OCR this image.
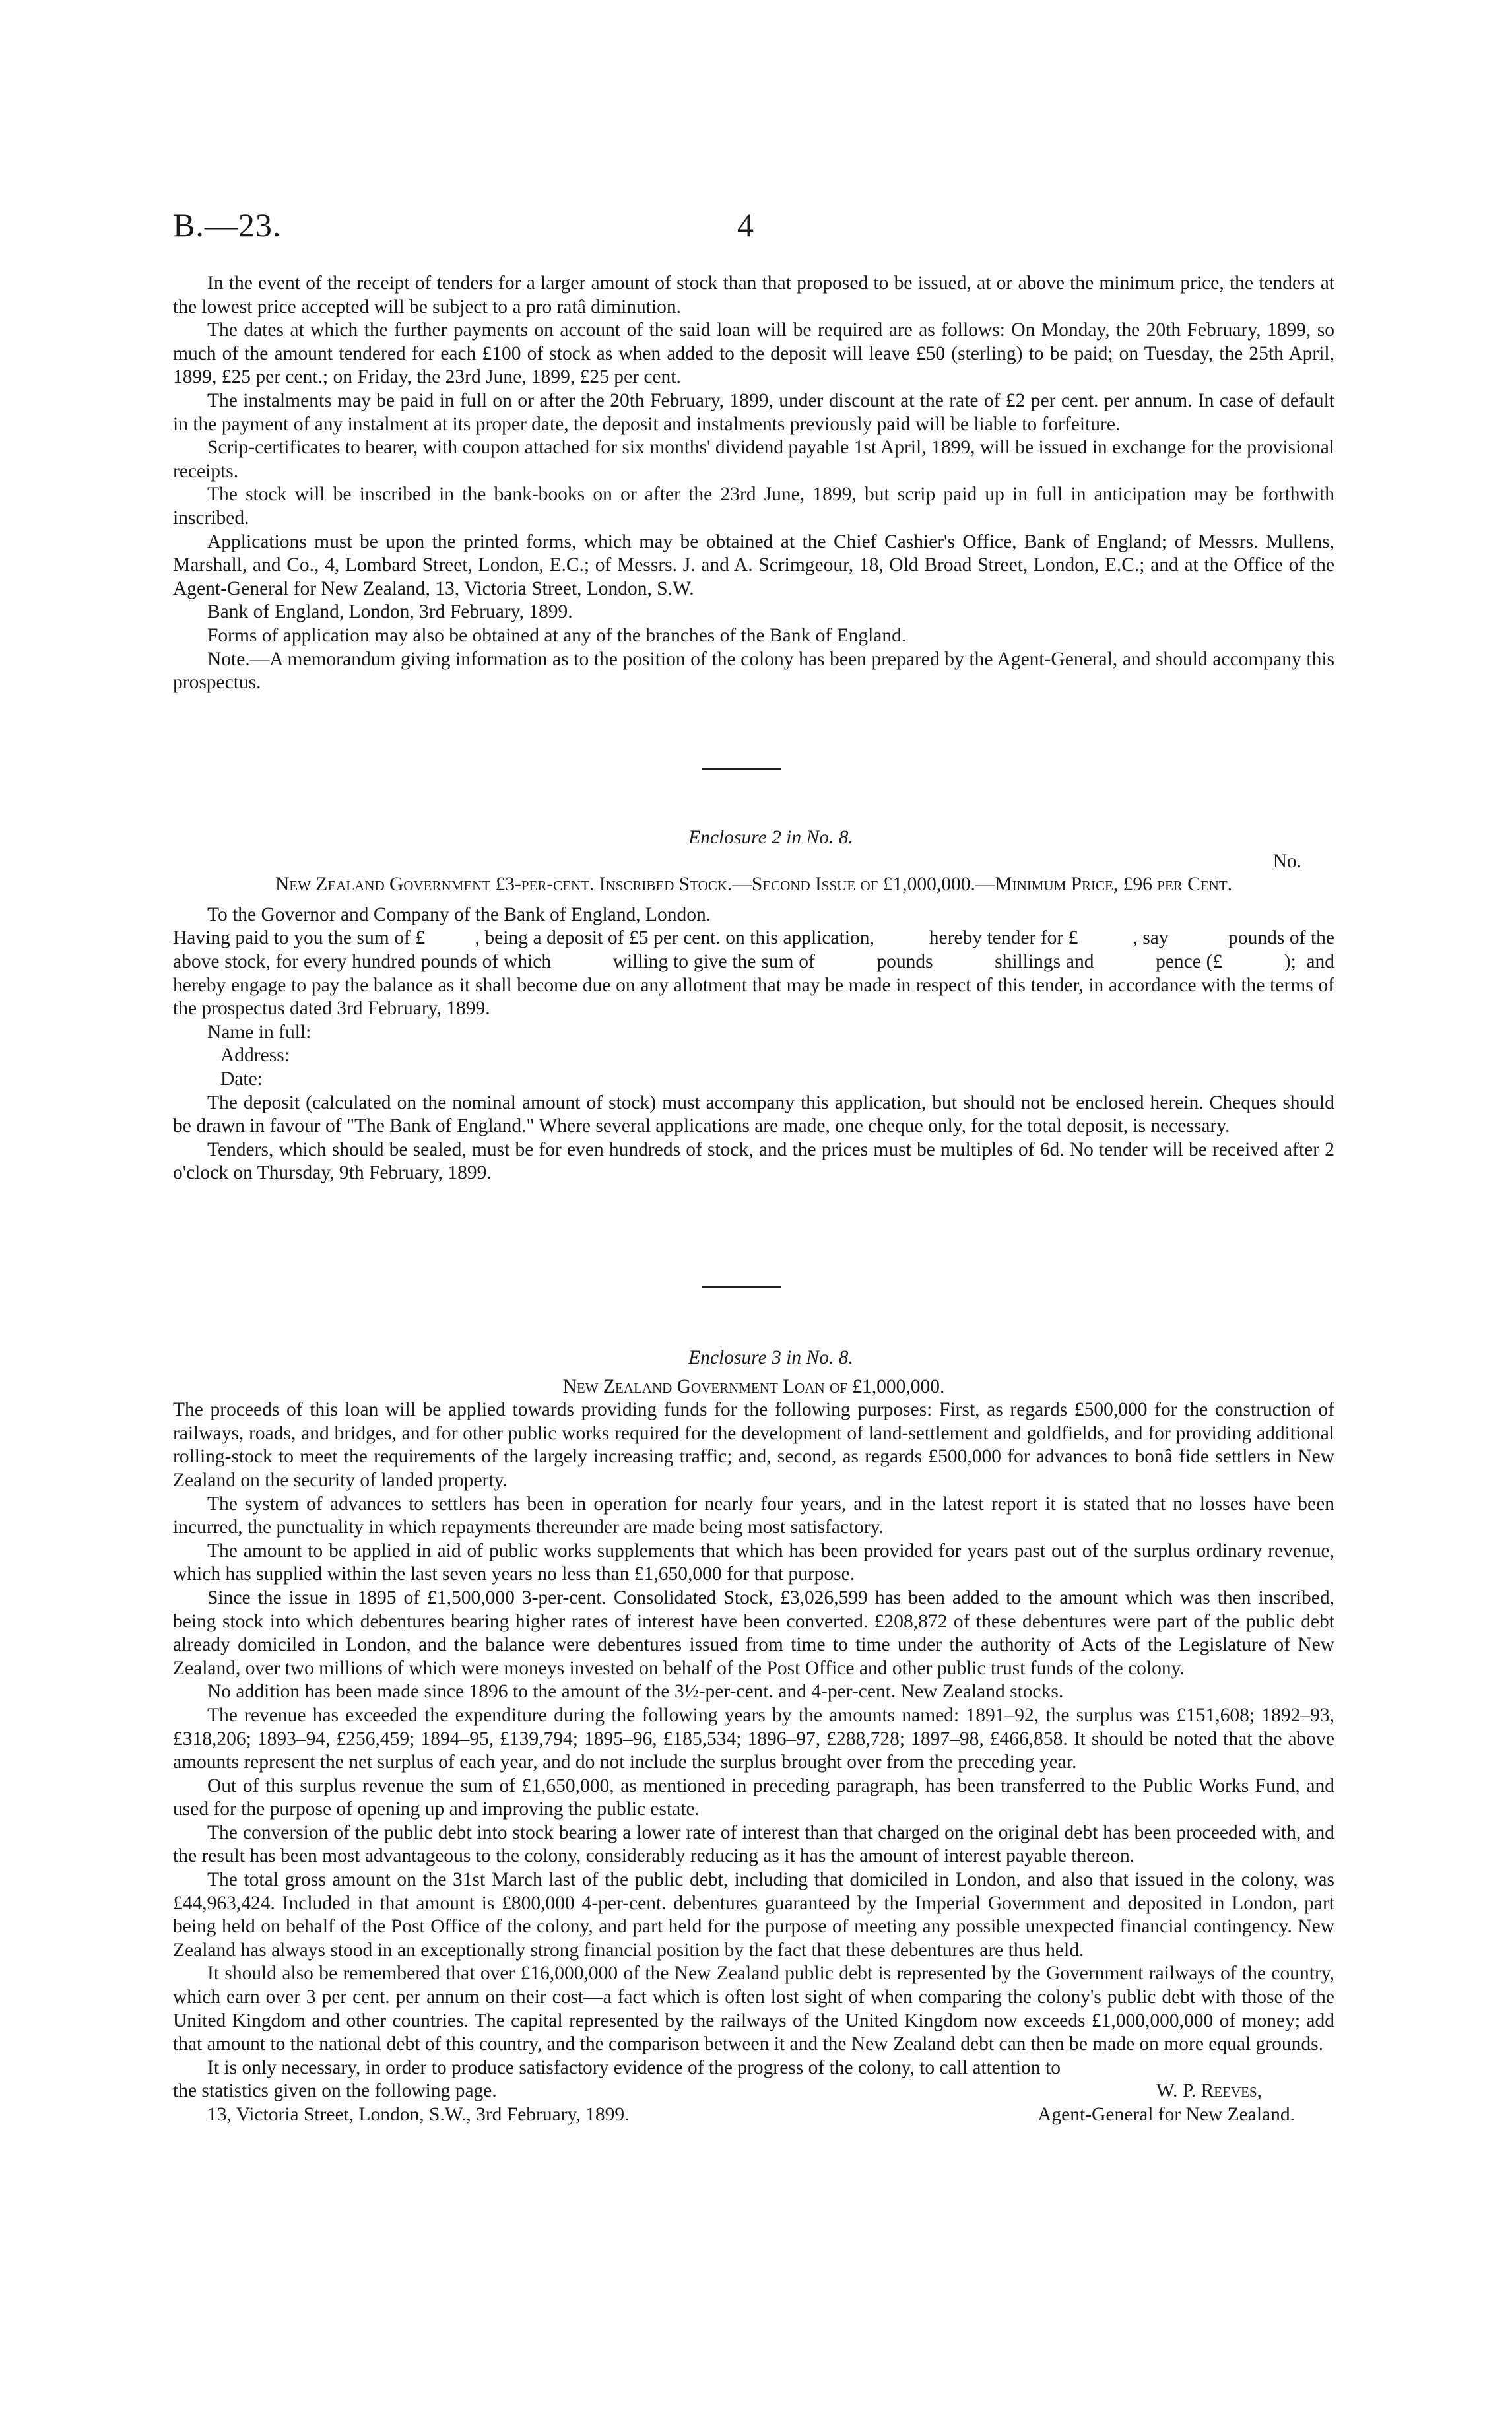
B.—23.	4

In the event of the receipt of tenders for a larger amount of stock than that proposed to be issued, at or above the minimum price, the tenders at the lowest price accepted will be subject to a pro ratâ diminution.

The dates at which the further payments on account of the said loan will be required are as follows: On Monday, the 20th February, 1899, so much of the amount tendered for each £100 of stock as when added to the deposit will leave £50 (sterling) to be paid; on Tuesday, the 25th April, 1899, £25 per cent.; on Friday, the 23rd June, 1899, £25 per cent.

The instalments may be paid in full on or after the 20th February, 1899, under discount at the rate of £2 per cent. per annum. In case of default in the payment of any instalment at its proper date, the deposit and instalments previously paid will be liable to forfeiture.

Scrip-certificates to bearer, with coupon attached for six months' dividend payable 1st April, 1899, will be issued in exchange for the provisional receipts.

The stock will be inscribed in the bank-books on or after the 23rd June, 1899, but scrip paid up in full in anticipation may be forthwith inscribed.

Applications must be upon the printed forms, which may be obtained at the Chief Cashier's Office, Bank of England; of Messrs. Mullens, Marshall, and Co., 4, Lombard Street, London, E.C.; of Messrs. J. and A. Scrimgeour, 18, Old Broad Street, London, E.C.; and at the Office of the Agent-General for New Zealand, 13, Victoria Street, London, S.W.

Bank of England, London, 3rd February, 1899.

Forms of application may also be obtained at any of the branches of the Bank of England.

Note.—A memorandum giving information as to the position of the colony has been prepared by the Agent-General, and should accompany this prospectus.

Enclosure 2 in No. 8.

No.

New Zealand Government £3-per-cent. Inscribed Stock.—Second Issue of £1,000,000.—Minimum Price, £96 per Cent.

To the Governor and Company of the Bank of England, London.

Having paid to you the sum of £          , being a deposit of £5 per cent. on this application,           hereby tender for £           , say            pounds of the above stock, for every hundred pounds of which            willing to give the sum of            pounds            shillings and            pence (£            );  and            hereby engage to pay the balance as it shall become due on any allotment that may be made in respect of this tender, in accordance with the terms of the prospectus dated 3rd February, 1899.

Name in full:

Address:

Date:

The deposit (calculated on the nominal amount of stock) must accompany this application, but should not be enclosed herein. Cheques should be drawn in favour of "The Bank of England." Where several applications are made, one cheque only, for the total deposit, is necessary.

Tenders, which should be sealed, must be for even hundreds of stock, and the prices must be multiples of 6d. No tender will be received after 2 o'clock on Thursday, 9th February, 1899.

Enclosure 3 in No. 8.

New Zealand Government Loan of £1,000,000.

The proceeds of this loan will be applied towards providing funds for the following purposes: First, as regards £500,000 for the construction of railways, roads, and bridges, and for other public works required for the development of land-settlement and goldfields, and for providing additional rolling-stock to meet the requirements of the largely increasing traffic; and, second, as regards £500,000 for advances to bonâ fide settlers in New Zealand on the security of landed property.

The system of advances to settlers has been in operation for nearly four years, and in the latest report it is stated that no losses have been incurred, the punctuality in which repayments thereunder are made being most satisfactory.

The amount to be applied in aid of public works supplements that which has been provided for years past out of the surplus ordinary revenue, which has supplied within the last seven years no less than £1,650,000 for that purpose.

Since the issue in 1895 of £1,500,000 3-per-cent. Consolidated Stock, £3,026,599 has been added to the amount which was then inscribed, being stock into which debentures bearing higher rates of interest have been converted. £208,872 of these debentures were part of the public debt already domiciled in London, and the balance were debentures issued from time to time under the authority of Acts of the Legislature of New Zealand, over two millions of which were moneys invested on behalf of the Post Office and other public trust funds of the colony.

No addition has been made since 1896 to the amount of the 3½-per-cent. and 4-per-cent. New Zealand stocks.

The revenue has exceeded the expenditure during the following years by the amounts named: 1891–92, the surplus was £151,608; 1892–93, £318,206; 1893–94, £256,459; 1894–95, £139,794; 1895–96, £185,534; 1896–97, £288,728; 1897–98, £466,858. It should be noted that the above amounts represent the net surplus of each year, and do not include the surplus brought over from the preceding year.

Out of this surplus revenue the sum of £1,650,000, as mentioned in preceding paragraph, has been transferred to the Public Works Fund, and used for the purpose of opening up and improving the public estate.

The conversion of the public debt into stock bearing a lower rate of interest than that charged on the original debt has been proceeded with, and the result has been most advantageous to the colony, considerably reducing as it has the amount of interest payable thereon.

The total gross amount on the 31st March last of the public debt, including that domiciled in London, and also that issued in the colony, was £44,963,424. Included in that amount is £800,000 4-per-cent. debentures guaranteed by the Imperial Government and deposited in London, part being held on behalf of the Post Office of the colony, and part held for the purpose of meeting any possible unexpected financial contingency. New Zealand has always stood in an exceptionally strong financial position by the fact that these debentures are thus held.

It should also be remembered that over £16,000,000 of the New Zealand public debt is represented by the Government railways of the country, which earn over 3 per cent. per annum on their cost—a fact which is often lost sight of when comparing the colony's public debt with those of the United Kingdom and other countries. The capital represented by the railways of the United Kingdom now exceeds £1,000,000,000 of money; add that amount to the national debt of this country, and the comparison between it and the New Zealand debt can then be made on more equal grounds.

It is only necessary, in order to produce satisfactory evidence of the progress of the colony, to call attention to

the statistics given on the following page.	W. P. Reeves,
13, Victoria Street, London, S.W., 3rd February, 1899.	Agent-General for New Zealand.
